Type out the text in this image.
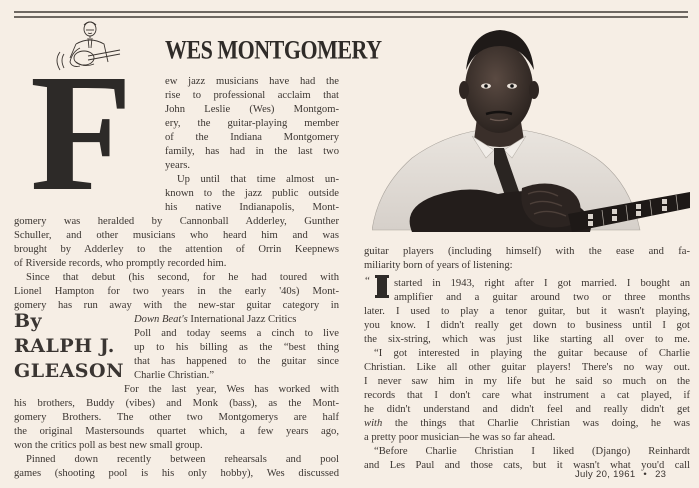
F	WES MONTGOMERY
ew jazz musicians have had the
rise to professional acclaim that
John Leslie (Wes) Montgom-
ery, the guitar-playing member
of the Indiana Montgomery
family, has had in the last two
years.
Up until that time almost un-
known to the jazz public outside
his native Indianapolis, Mont-
gomery was heralded by Cannonball Adderley, Gunther
Schuller, and other musicians who heard him and was
brought by Adderley to the attention of Orrin Keepnews
of Riverside records, who promptly recorded him.
Since that debut (his second, for he had toured with
Lionel Hampton for two years in the early '40s) Mont-
gomery has run away with the new-star guitar category in
By
RALPH J.
GLEASON
Down Beat's International Jazz Critics
Poll and today seems a cinch to live
up to his billing as the “best thing
that has happened to the guitar since
Charlie Christian.”
For the last year, Wes has worked with
his brothers, Buddy (vibes) and Monk (bass), as the Mont-
gomery Brothers. The other two Montgomerys are half
the original Mastersounds quartet which, a few years ago,
won the critics poll as best new small group.
Pinned down recently between rehearsals and pool
games (shooting pool is his only hobby), Wes discussed
guitar players (including himself) with the ease and fa-
miliarity born of years of listening:
“ started in 1943, right after I got married. I bought an
amplifier and a guitar around two or three months
later. I used to play a tenor guitar, but it wasn't playing,
you know. I didn't really get down to business until I got
the six-string, which was just like starting all over to me.
“I got interested in playing the guitar because of Charlie
Christian. Like all other guitar players! There's no way out.
I never saw him in my life but he said so much on the
records that I don't care what instrument a cat played, if
he didn't understand and didn't feel and really didn't get
with the things that Charlie Christian was doing, he was
a pretty poor musician—he was so far ahead.
“Before Charlie Christian I liked (Django) Reinhardt
and Les Paul and those cats, but it wasn't what you'd call
July 20, 1961 • 23
